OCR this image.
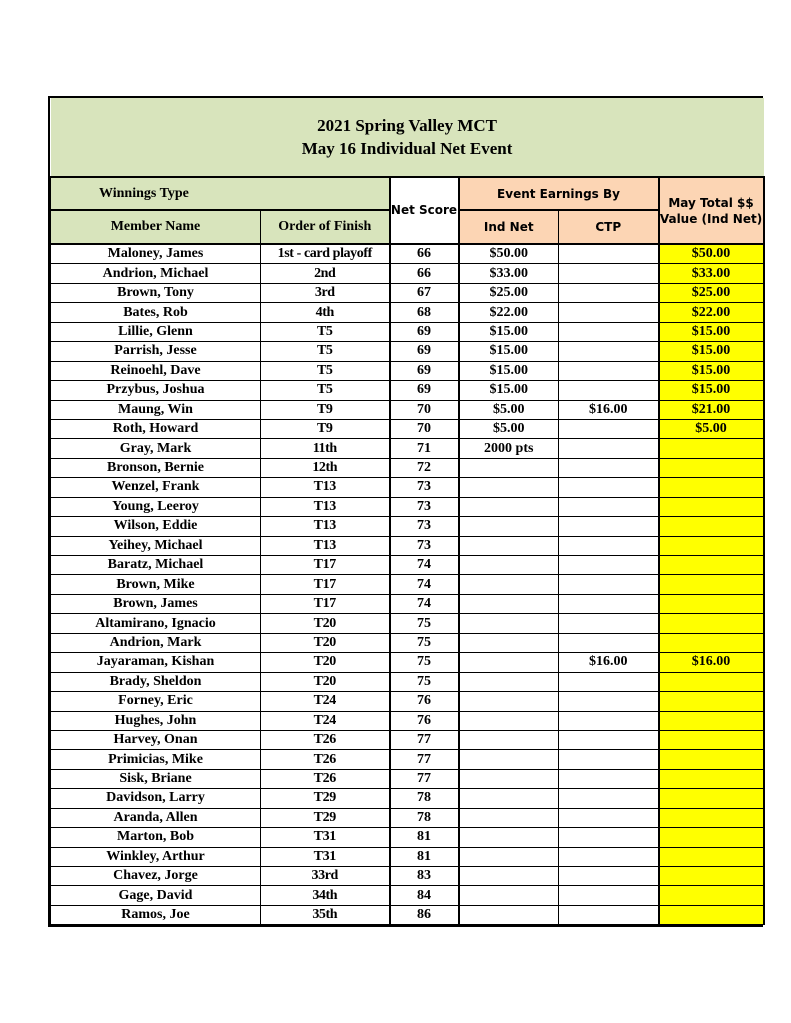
2021 Spring Valley MCT
May 16 Individual Net Event					

Winnings Type		Net Score	Event Earnings By		May Total $$ Value (Ind Net)
Member Name	Order of Finish		Ind Net	CTP	
Maloney, James	1st - card playoff	66	$50.00		$50.00
Andrion, Michael	2nd	66	$33.00		$33.00
Brown, Tony	3rd	67	$25.00		$25.00
Bates, Rob	4th	68	$22.00		$22.00
Lillie, Glenn	T5	69	$15.00		$15.00
Parrish, Jesse	T5	69	$15.00		$15.00
Reinoehl, Dave	T5	69	$15.00		$15.00
Przybus, Joshua	T5	69	$15.00		$15.00
Maung, Win	T9	70	$5.00	$16.00	$21.00
Roth, Howard	T9	70	$5.00		$5.00
Gray, Mark	11th	71	2000 pts		
Bronson, Bernie	12th	72			
Wenzel, Frank	T13	73			
Young, Leeroy	T13	73			
Wilson, Eddie	T13	73			
Yeihey, Michael	T13	73			
Baratz, Michael	T17	74			
Brown, Mike	T17	74			
Brown, James	T17	74			
Altamirano, Ignacio	T20	75			
Andrion, Mark	T20	75			
Jayaraman, Kishan	T20	75		$16.00	$16.00
Brady, Sheldon	T20	75			
Forney, Eric	T24	76			
Hughes, John	T24	76			
Harvey, Onan	T26	77			
Primicias, Mike	T26	77			
Sisk, Briane	T26	77			
Davidson, Larry	T29	78			
Aranda, Allen	T29	78			
Marton, Bob	T31	81			
Winkley, Arthur	T31	81			
Chavez, Jorge	33rd	83			
Gage, David	34th	84			
Ramos, Joe	35th	86			
